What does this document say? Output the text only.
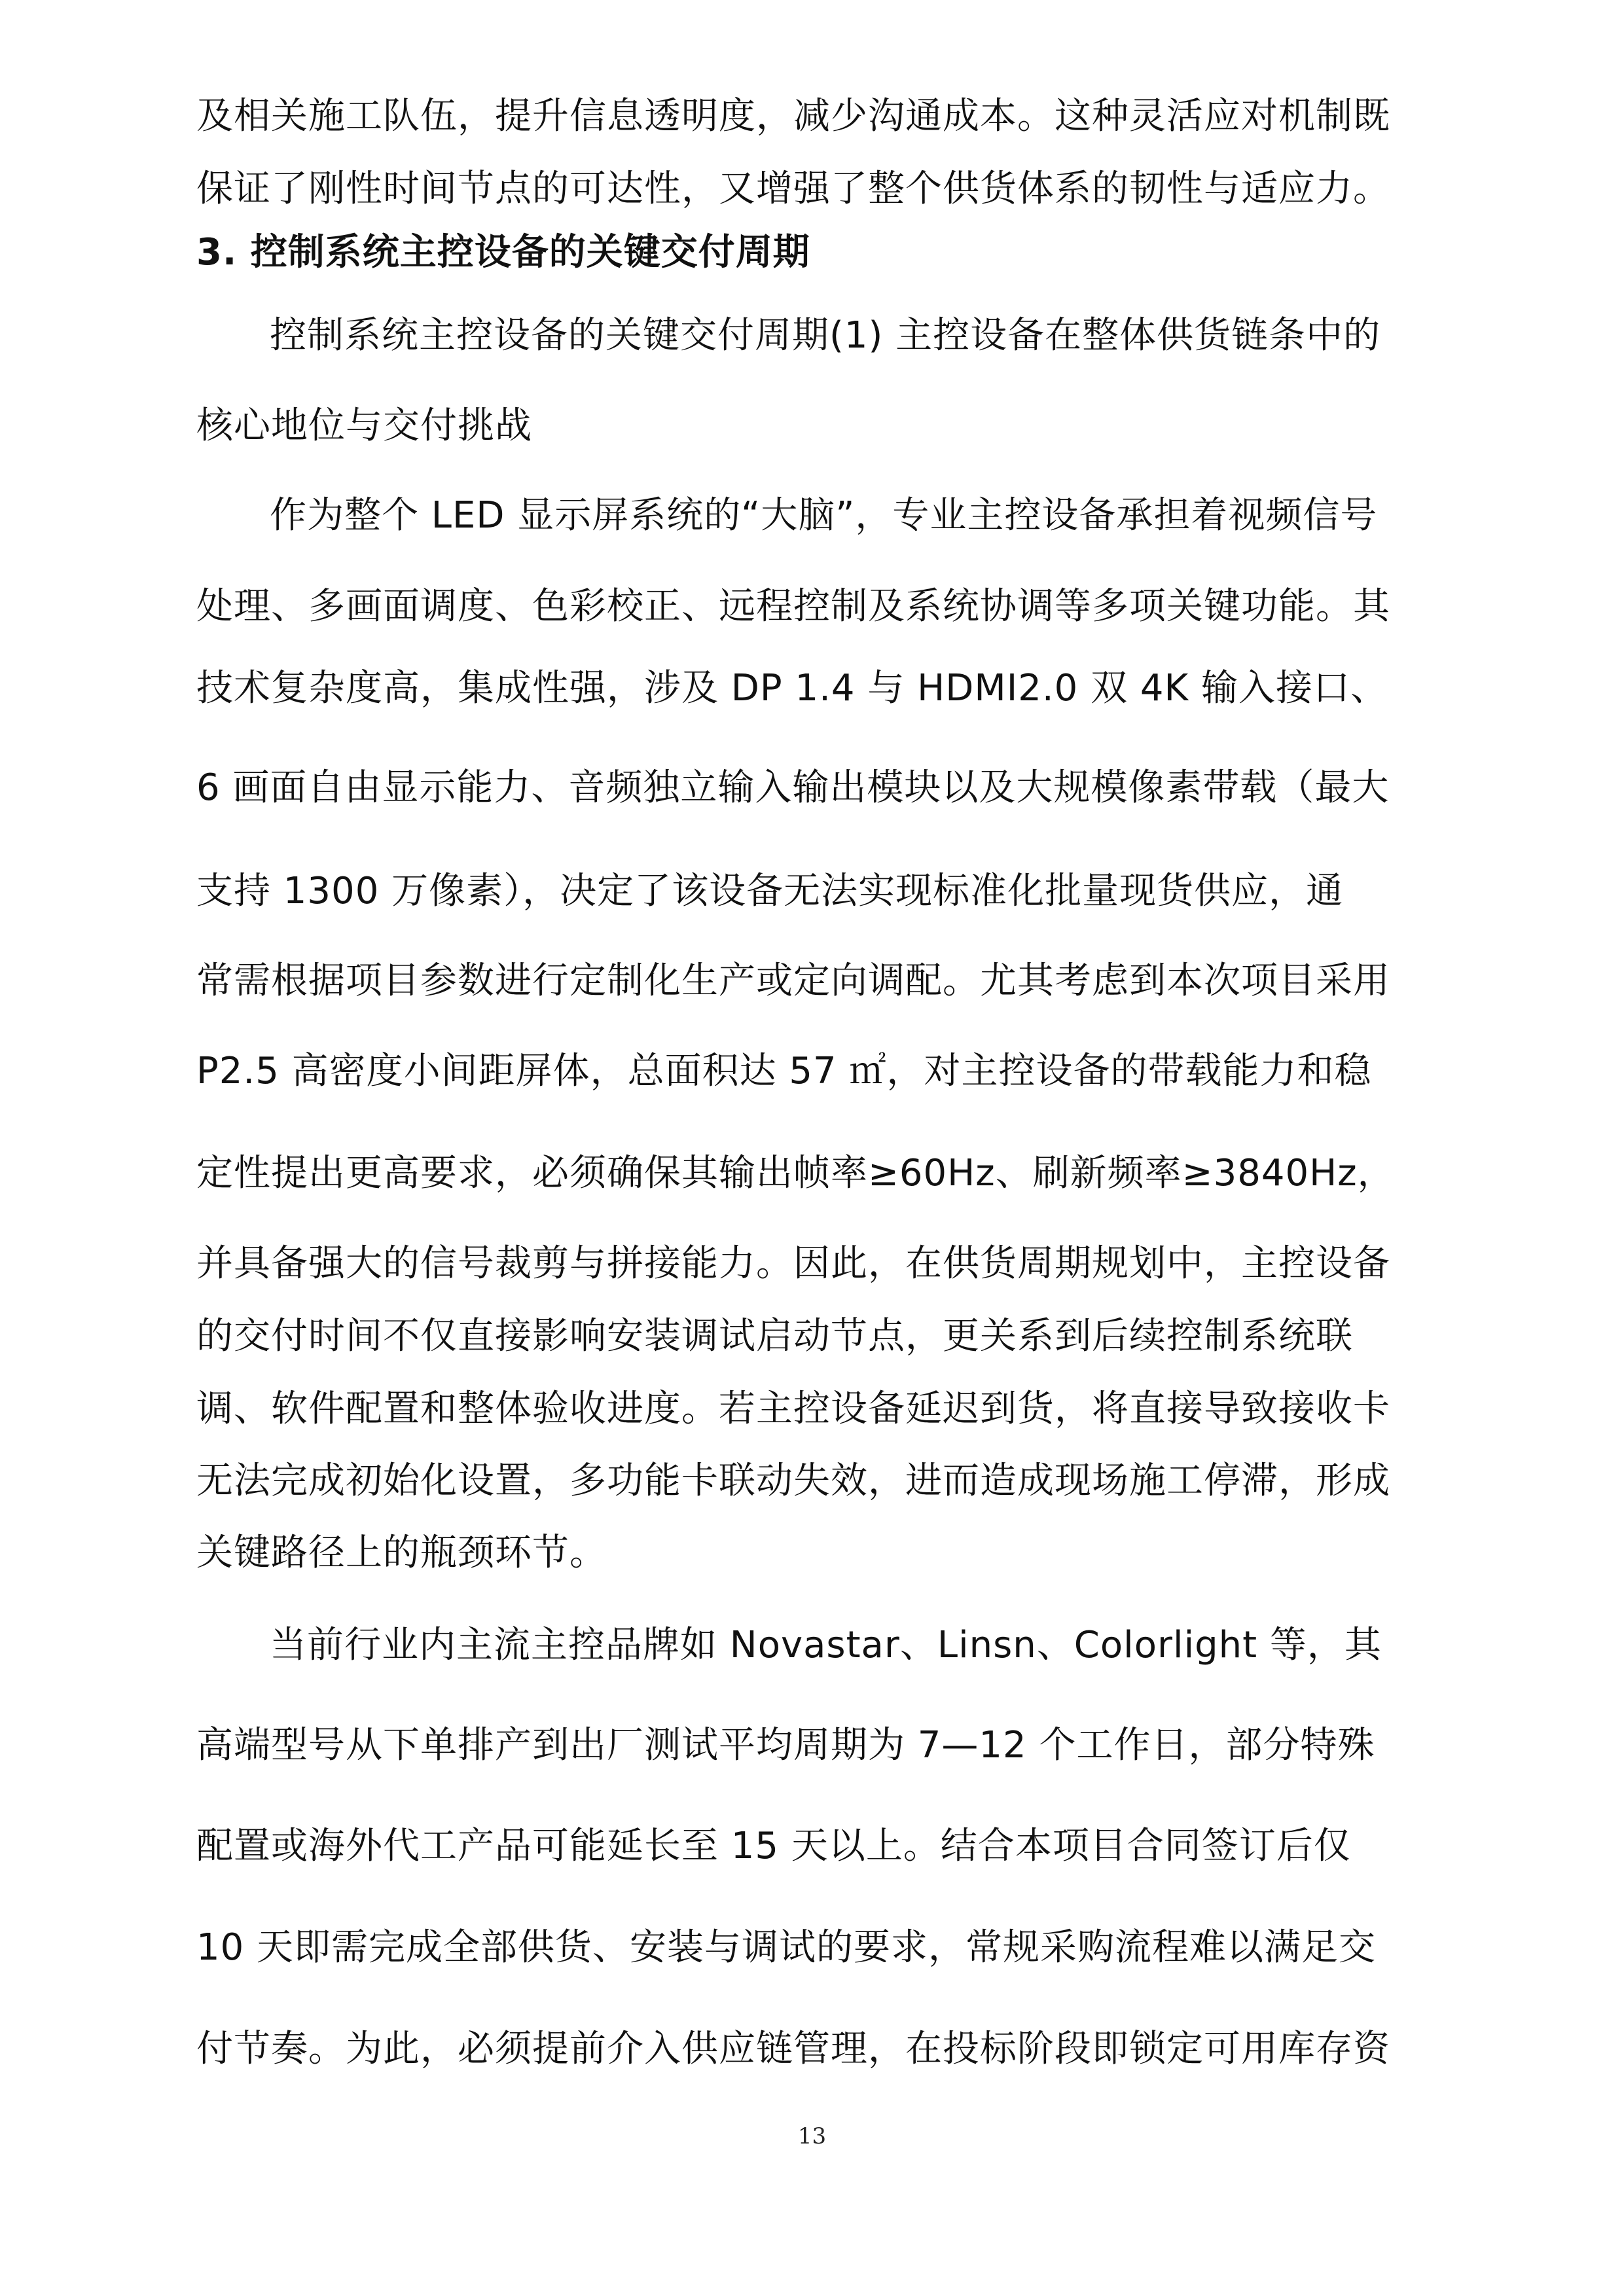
及相关施工队伍，提升信息透明度，减少沟通成本。这种灵活应对机制既
保证了刚性时间节点的可达性，又增强了整个供货体系的韧性与适应力。
3. 控制系统主控设备的关键交付周期
控制系统主控设备的关键交付周期(1) 主控设备在整体供货链条中的
核心地位与交付挑战
作为整个 LED 显示屏系统的“大脑”，专业主控设备承担着视频信号
处理、多画面调度、色彩校正、远程控制及系统协调等多项关键功能。其
技术复杂度高，集成性强，涉及 DP 1.4 与 HDMI2.0 双 4K 输入接口、
6 画面自由显示能力、音频独立输入输出模块以及大规模像素带载（最大
支持 1300 万像素），决定了该设备无法实现标准化批量现货供应，通
常需根据项目参数进行定制化生产或定向调配。尤其考虑到本次项目采用
P2.5 高密度小间距屏体，总面积达 57 ㎡，对主控设备的带载能力和稳
定性提出更高要求，必须确保其输出帧率≥60Hz、刷新频率≥3840Hz，
并具备强大的信号裁剪与拼接能力。因此，在供货周期规划中，主控设备
的交付时间不仅直接影响安装调试启动节点，更关系到后续控制系统联
调、软件配置和整体验收进度。若主控设备延迟到货，将直接导致接收卡
无法完成初始化设置，多功能卡联动失效，进而造成现场施工停滞，形成
关键路径上的瓶颈环节。
当前行业内主流主控品牌如 Novastar、Linsn、Colorlight 等，其
高端型号从下单排产到出厂测试平均周期为 7—12 个工作日，部分特殊
配置或海外代工产品可能延长至 15 天以上。结合本项目合同签订后仅
10 天即需完成全部供货、安装与调试的要求，常规采购流程难以满足交
付节奏。为此，必须提前介入供应链管理，在投标阶段即锁定可用库存资
13
